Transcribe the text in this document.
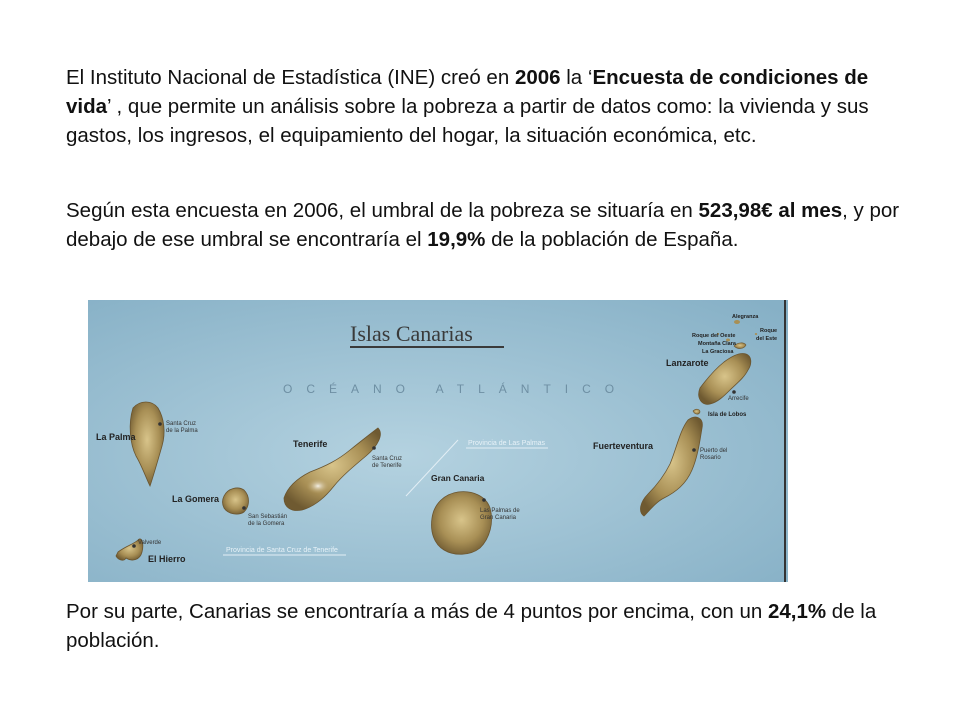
El Instituto Nacional de Estadística (INE) creó en 2006 la ‘Encuesta de condiciones de vida’ , que permite un análisis sobre la pobreza a partir de datos como: la vivienda y sus gastos, los ingresos, el equipamiento del hogar, la situación económica, etc.

Según esta encuesta en 2006, el umbral de la pobreza se situaría en 523,98€ al mes, y por debajo de ese umbral se encontraría el 19,9% de la población de España.

Islas Canarias
OCÉANO ATLÁNTICO
Provincia de Las Palmas
Provincia de Santa Cruz de Tenerife
La Palma
Tenerife
La Gomera
El Hierro
Gran Canaria
Fuerteventura
Lanzarote
Isla de Lobos
Alegranza
Roque del Oeste
Roque
del Este
Montaña Clara
La Graciosa
Santa Cruz
de la Palma
Santa Cruz
de Tenerife
San Sebastián
de la Gomera
Valverde
Las Palmas de
Gran Canaria
Puerto del
Rosario
Arrecife

Por su parte, Canarias se encontraría a más de 4 puntos por encima, con un 24,1% de la población.
